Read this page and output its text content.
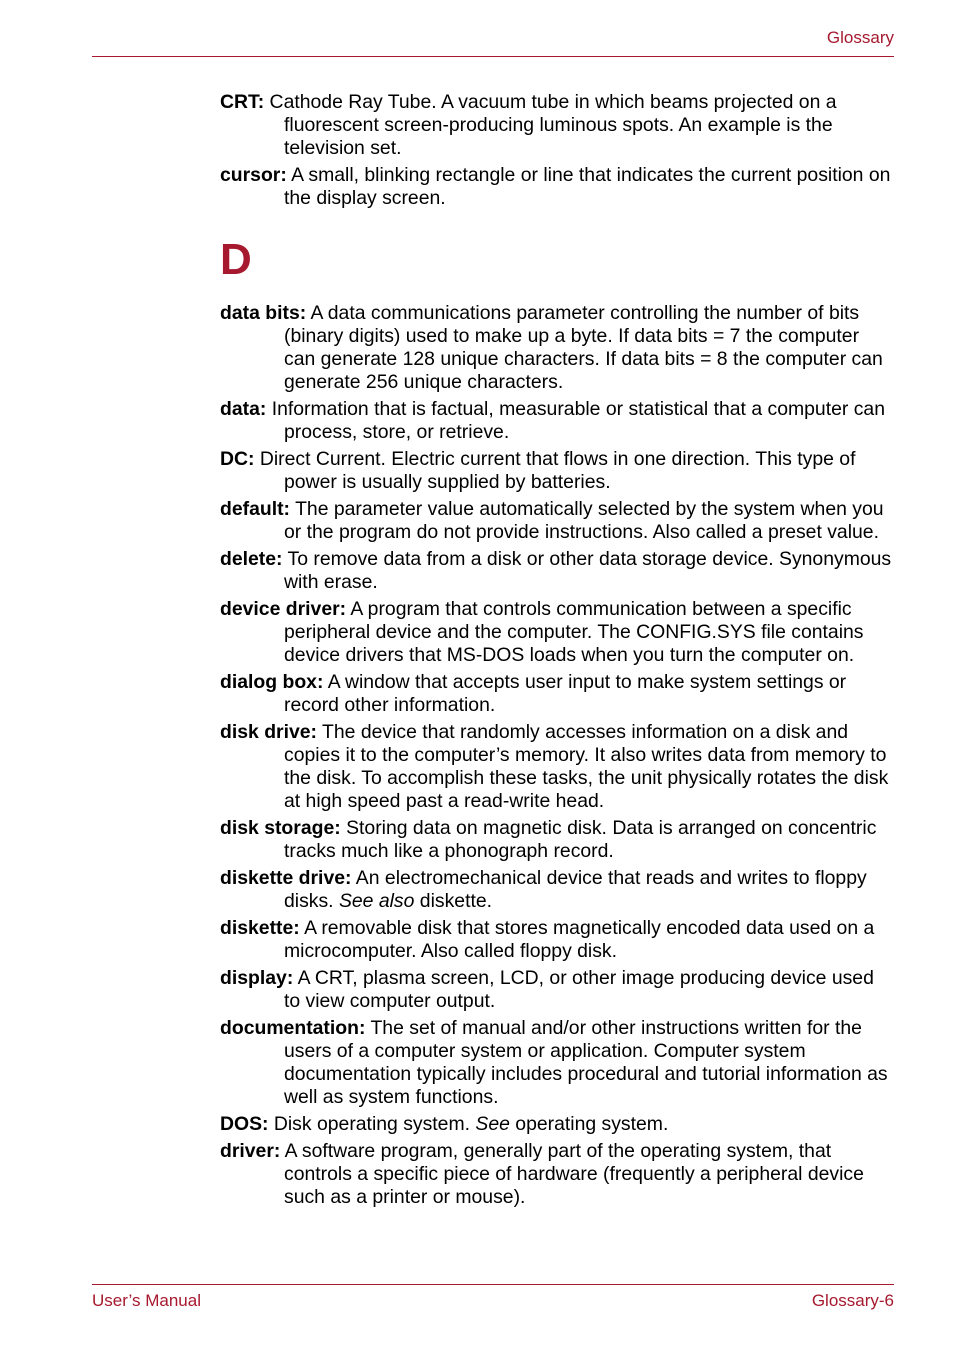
Glossary

CRT: Cathode Ray Tube. A vacuum tube in which beams projected on a fluorescent screen-producing luminous spots. An example is the television set.

cursor: A small, blinking rectangle or line that indicates the current position on the display screen.

D

data bits: A data communications parameter controlling the number of bits (binary digits) used to make up a byte. If data bits = 7 the computer can generate 128 unique characters. If data bits = 8 the computer can generate 256 unique characters.

data: Information that is factual, measurable or statistical that a computer can process, store, or retrieve.

DC: Direct Current. Electric current that flows in one direction. This type of power is usually supplied by batteries.

default: The parameter value automatically selected by the system when you or the program do not provide instructions. Also called a preset value.

delete: To remove data from a disk or other data storage device. Synonymous with erase.

device driver: A program that controls communication between a specific peripheral device and the computer. The CONFIG.SYS file contains device drivers that MS-DOS loads when you turn the computer on.

dialog box: A window that accepts user input to make system settings or record other information.

disk drive: The device that randomly accesses information on a disk and copies it to the computer’s memory. It also writes data from memory to the disk. To accomplish these tasks, the unit physically rotates the disk at high speed past a read-write head.

disk storage: Storing data on magnetic disk. Data is arranged on concentric tracks much like a phonograph record.

diskette drive: An electromechanical device that reads and writes to floppy disks. See also diskette.

diskette: A removable disk that stores magnetically encoded data used on a microcomputer. Also called floppy disk.

display: A CRT, plasma screen, LCD, or other image producing device used to view computer output.

documentation: The set of manual and/or other instructions written for the users of a computer system or application. Computer system documentation typically includes procedural and tutorial information as well as system functions.

DOS: Disk operating system. See operating system.

driver: A software program, generally part of the operating system, that controls a specific piece of hardware (frequently a peripheral device such as a printer or mouse).

User’s Manual	Glossary-6
